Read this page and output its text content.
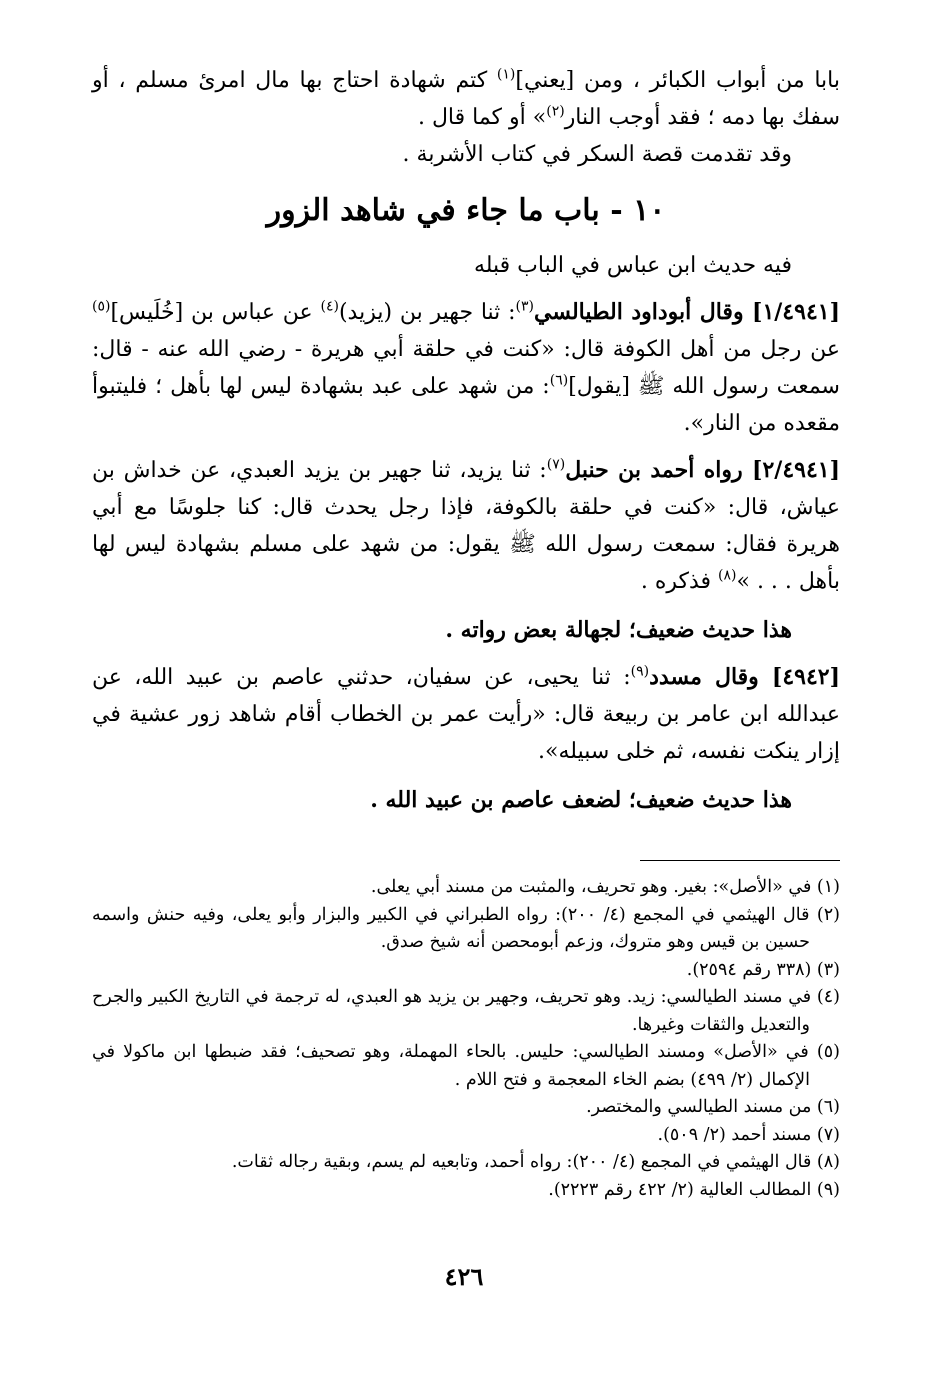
بابا من أبواب الكبائر ، ومن [يعني]$^{(١)}$ كتم شهادة احتاج بها مال امرئ مسلم ، أو سفك بها دمه ؛ فقد أوجب النار$^{(٢)}$» أو كما قال .

وقد تقدمت قصة السكر في كتاب الأشربة .

١٠ - باب ما جاء في شاهد الزور

فيه حديث ابن عباس في الباب قبله

[١/٤٩٤١] وقال أبوداود الطيالسي$^{(٣)}$: ثنا جهير بن (يزيد)$^{(٤)}$ عن عباس بن [خُلَيس]$^{(٥)}$ عن رجل من أهل الكوفة قال: «كنت في حلقة أبي هريرة - رضي الله عنه - قال: سمعت رسول الله ﷺ [يقول]$^{(٦)}$: من شهد على عبد بشهادة ليس لها بأهل ؛ فليتبوأ مقعده من النار».

[٢/٤٩٤١] رواه أحمد بن حنبل$^{(٧)}$: ثنا يزيد، ثنا جهير بن يزيد العبدي، عن خداش بن عياش، قال: «كنت في حلقة بالكوفة، فإذا رجل يحدث قال: كنا جلوسًا مع أبي هريرة فقال: سمعت رسول الله ﷺ يقول: من شهد على مسلم بشهادة ليس لها بأهل . . . »$^{(٨)}$ فذكره .

هذا حديث ضعيف؛ لجهالة بعض رواته .

[٤٩٤٢] وقال مسدد$^{(٩)}$: ثنا يحيى، عن سفيان، حدثني عاصم بن عبيد الله، عن عبدالله ابن عامر بن ربيعة قال: «رأيت عمر بن الخطاب أقام شاهد زور عشية في إزار ينكت نفسه، ثم خلى سبيله».

هذا حديث ضعيف؛ لضعف عاصم بن عبيد الله .

(١) في «الأصل»: بغير. وهو تحريف، والمثبت من مسند أبي يعلى.

(٢) قال الهيثمي في المجمع (٤/ ٢٠٠): رواه الطبراني في الكبير والبزار وأبو يعلى، وفيه حنش واسمه حسين بن قيس وهو متروك، وزعم أبومحصن أنه شيخ صدق.

(٣) (٣٣٨ رقم ٢٥٩٤).

(٤) في مسند الطيالسي: زيد. وهو تحريف، وجهير بن يزيد هو العبدي، له ترجمة في التاريخ الكبير والجرح والتعديل والثقات وغيرها.

(٥) في «الأصل» ومسند الطيالسي: حليس. بالحاء المهملة، وهو تصحيف؛ فقد ضبطها ابن ماكولا في الإكمال (٢/ ٤٩٩) بضم الخاء المعجمة و فتح اللام .

(٦) من مسند الطيالسي والمختصر.

(٧) مسند أحمد (٢/ ٥٠٩).

(٨) قال الهيثمي في المجمع (٤/ ٢٠٠): رواه أحمد، وتابعيه لم يسم، وبقية رجاله ثقات.

(٩) المطالب العالية (٢/ ٤٢٢ رقم ٢٢٢٣).

٤٢٦
